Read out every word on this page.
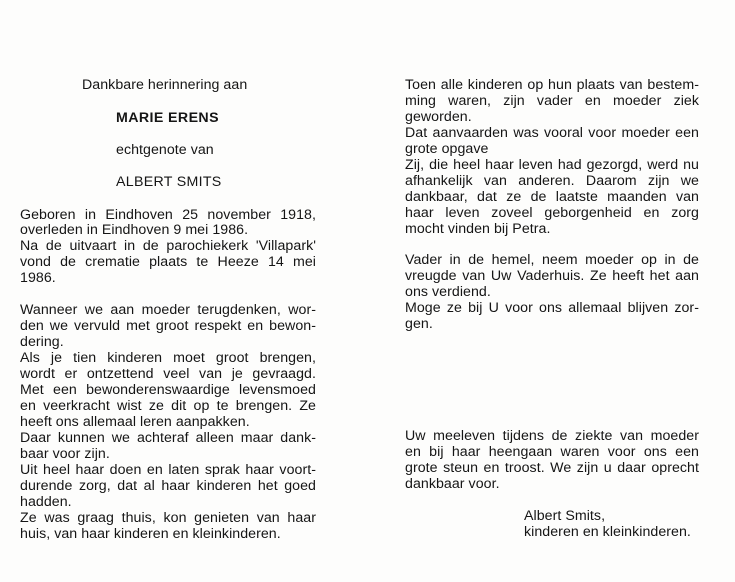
Dankbare herinnering aan
MARIE ERENS
echtgenote van
ALBERT SMITS
Geboren in Eindhoven 25 november 1918,
overleden in Eindhoven 9 mei 1986.
Na de uitvaart in de parochiekerk 'Villapark'
vond de crematie plaats te Heeze 14 mei
1986.
Wanneer we aan moeder terugdenken, wor-
den we vervuld met groot respekt en bewon-
dering.
Als je tien kinderen moet groot brengen,
wordt er ontzettend veel van je gevraagd.
Met een bewonderenswaardige levensmoed
en veerkracht wist ze dit op te brengen. Ze
heeft ons allemaal leren aanpakken.
Daar kunnen we achteraf alleen maar dank-
baar voor zijn.
Uit heel haar doen en laten sprak haar voort-
durende zorg, dat al haar kinderen het goed
hadden.
Ze was graag thuis, kon genieten van haar
huis, van haar kinderen en kleinkinderen.
Toen alle kinderen op hun plaats van bestem-
ming waren, zijn vader en moeder ziek
geworden.
Dat aanvaarden was vooral voor moeder een
grote opgave
Zij, die heel haar leven had gezorgd, werd nu
afhankelijk van anderen. Daarom zijn we
dankbaar, dat ze de laatste maanden van
haar leven zoveel geborgenheid en zorg
mocht vinden bij Petra.
Vader in de hemel, neem moeder op in de
vreugde van Uw Vaderhuis. Ze heeft het aan
ons verdiend.
Moge ze bij U voor ons allemaal blijven zor-
gen.
Uw meeleven tijdens de ziekte van moeder
en bij haar heengaan waren voor ons een
grote steun en troost. We zijn u daar oprecht
dankbaar voor.
Albert Smits,
kinderen en kleinkinderen.
